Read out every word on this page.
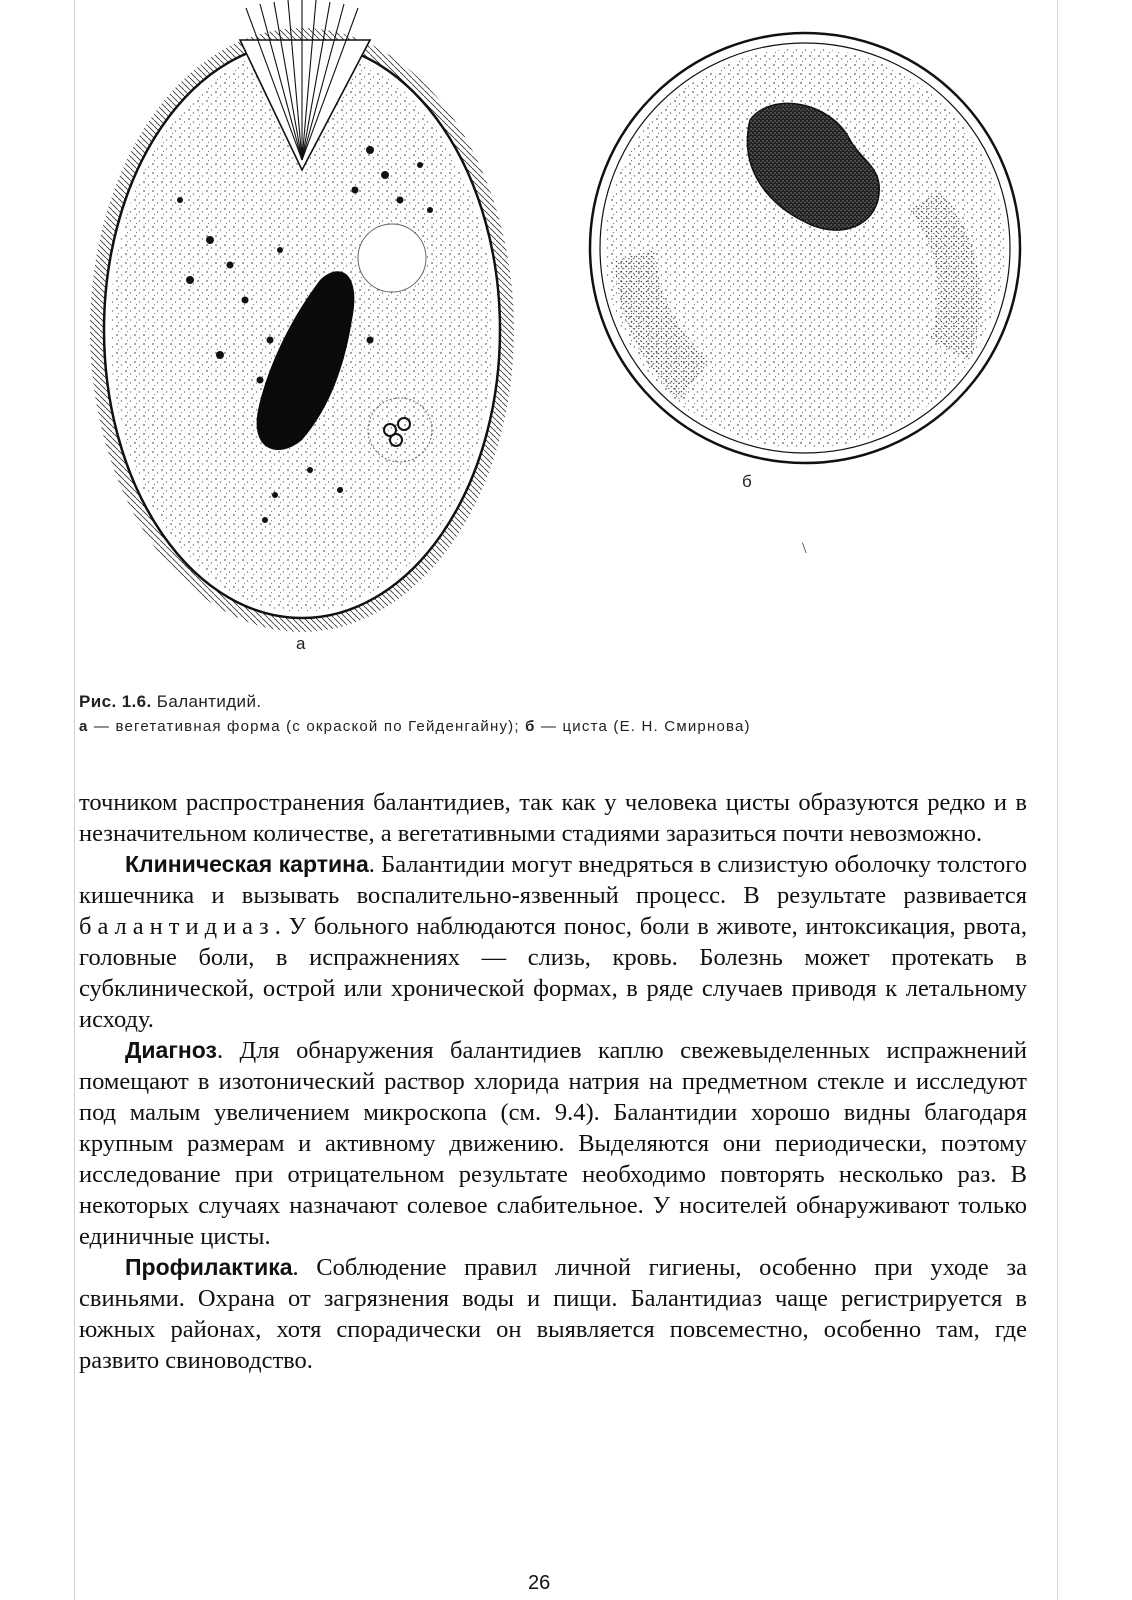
а
б
\
Рис. 1.6. Балантидий.
а — вегетативная форма (с окраской по Гейденгайну); б — циста (Е. Н. Смирнова)

точником распространения балантидиев, так как у человека цисты образуются редко и в незначительном количестве, а вегетативными стадиями заразиться почти невозможно.

Клиническая картина. Балантидии могут внедряться в слизистую оболочку толстого кишечника и вызывать воспалительно-язвенный процесс. В результате развивается балантидиаз. У больного наблюдаются понос, боли в животе, интоксикация, рвота, головные боли, в испражнениях — слизь, кровь. Болезнь может протекать в субклинической, острой или хронической формах, в ряде случаев приводя к летальному исходу.

Диагноз. Для обнаружения балантидиев каплю свежевыделенных испражнений помещают в изотонический раствор хлорида натрия на предметном стекле и исследуют под малым увеличением микроскопа (см. 9.4). Балантидии хорошо видны благодаря крупным размерам и активному движению. Выделяются они периодически, поэтому исследование при отрицательном результате необходимо повторять несколько раз. В некоторых случаях назначают солевое слабительное. У носителей обнаруживают только единичные цисты.

Профилактика. Соблюдение правил личной гигиены, особенно при уходе за свиньями. Охрана от загрязнения воды и пищи. Балантидиаз чаще регистрируется в южных районах, хотя спорадически он выявляется повсеместно, особенно там, где развито свиноводство.

26
